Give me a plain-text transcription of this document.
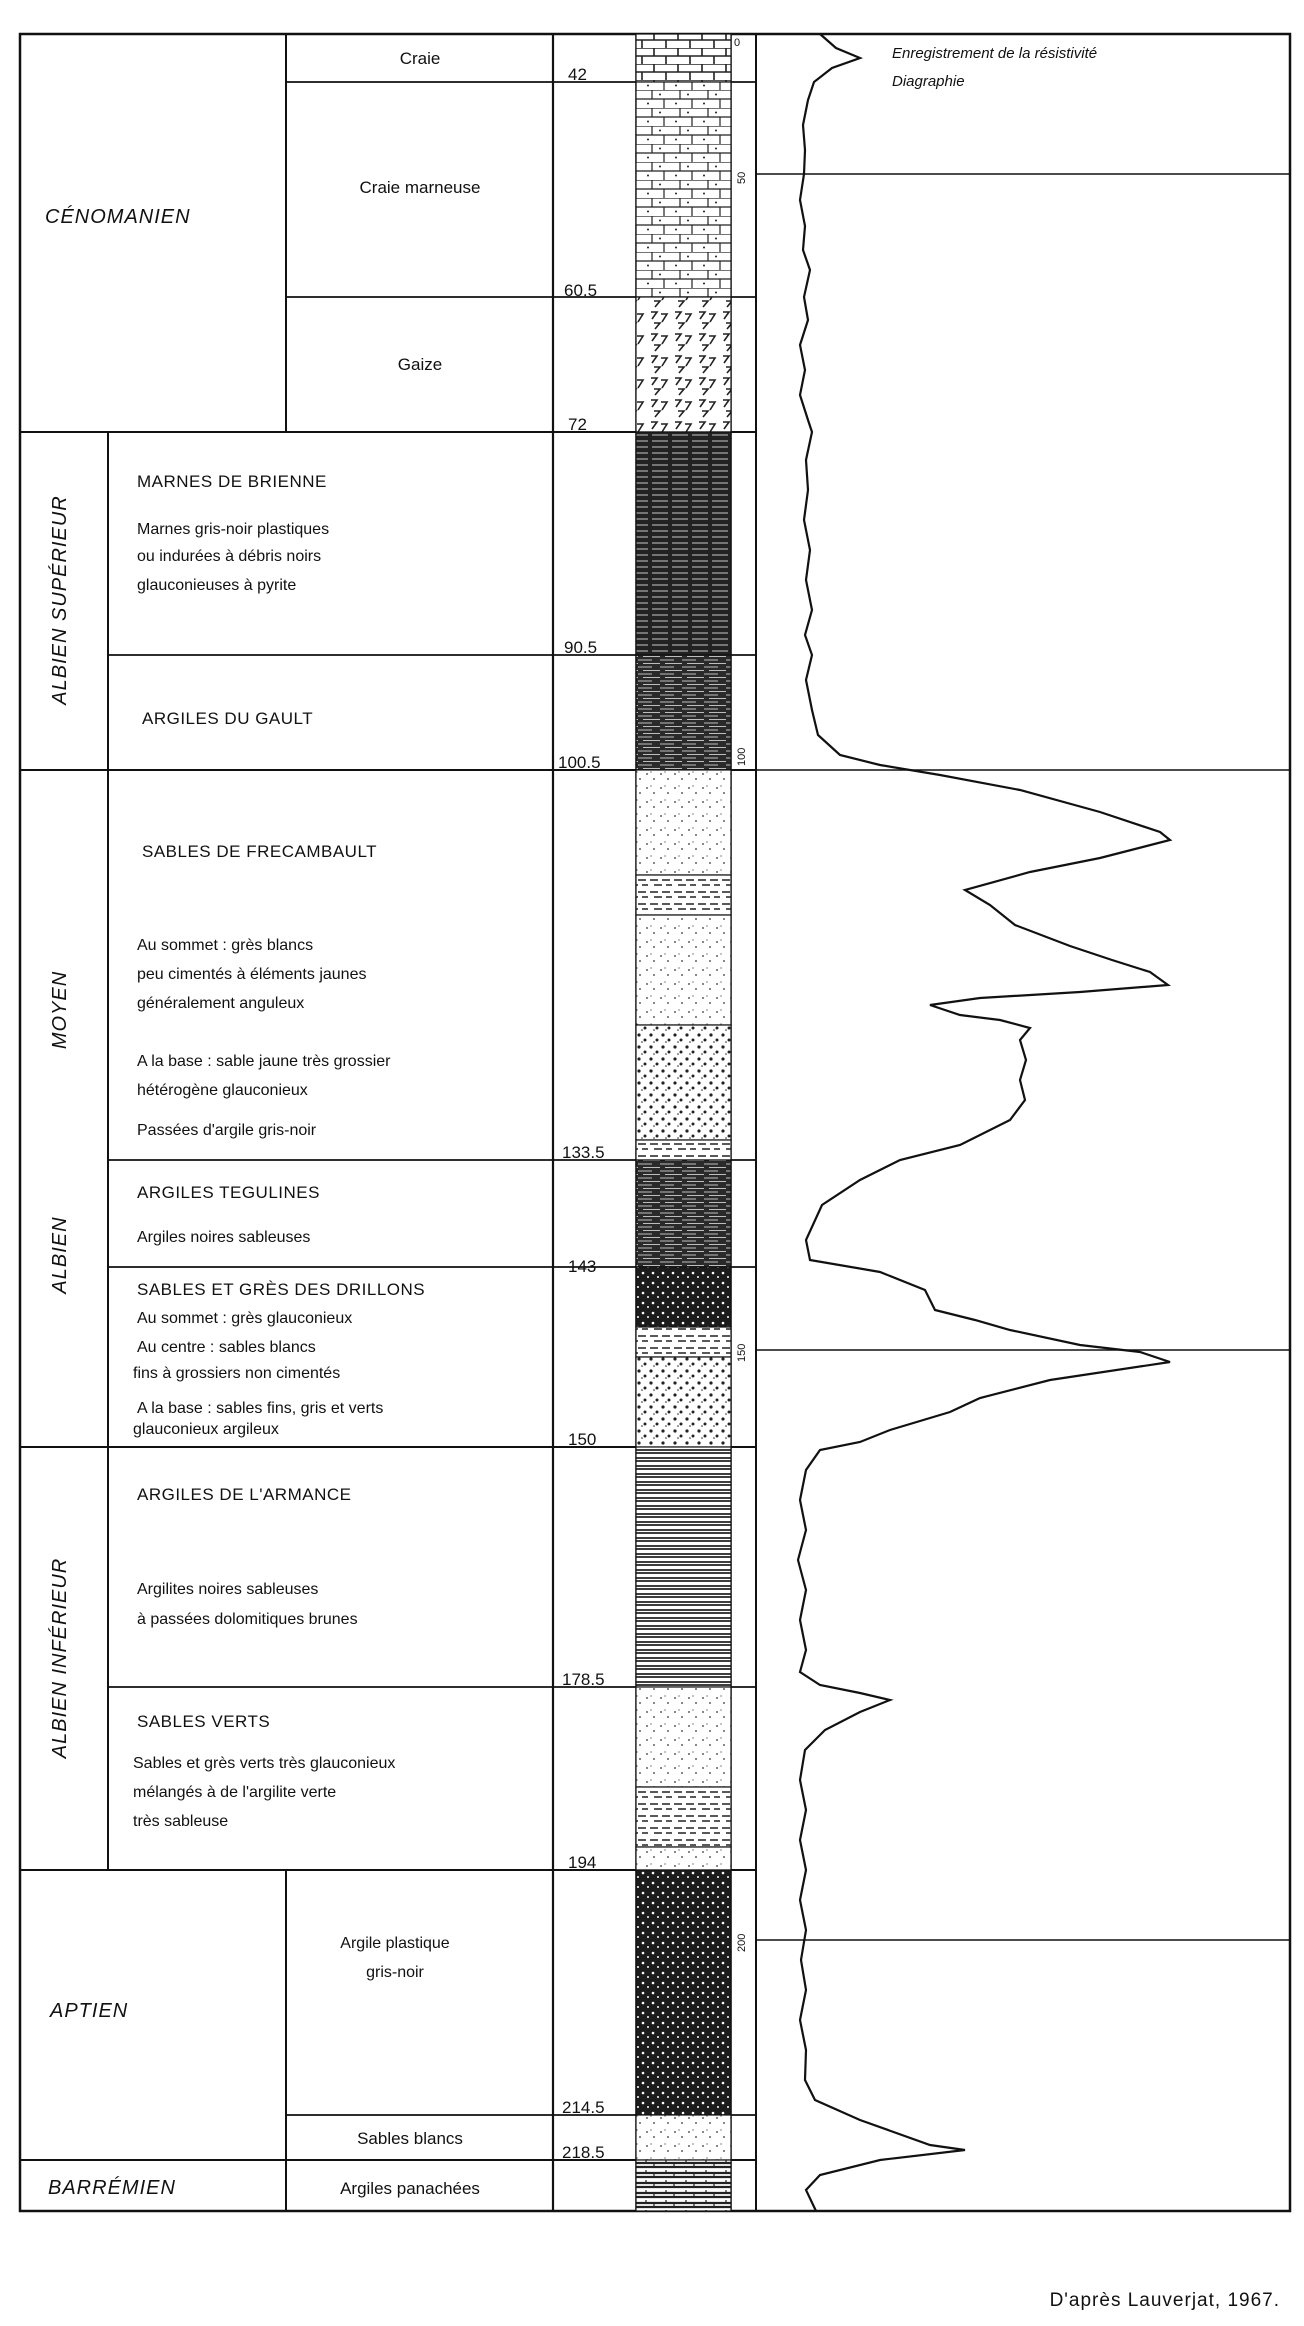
CÉNOMANIEN
ALBIEN SUPÉRIEUR
MOYEN
ALBIEN
ALBIEN INFÉRIEUR
APTIEN
BARRÉMIEN
Craie
Craie marneuse
Gaize
MARNES DE BRIENNE
Marnes gris-noir plastiques
ou indurées à débris noirs
glauconieuses à pyrite
ARGILES DU GAULT
SABLES DE FRECAMBAULT
Au sommet : grès blancs
peu cimentés à éléments jaunes
généralement anguleux
A la base : sable jaune très grossier
hétérogène glauconieux
Passées d'argile gris-noir
ARGILES TEGULINES
Argiles noires sableuses
SABLES ET GRÈS DES DRILLONS
Au sommet : grès glauconieux
Au centre : sables blancs
fins à grossiers non cimentés
A la base : sables fins, gris et verts
glauconieux argileux
ARGILES DE L'ARMANCE
Argilites noires sableuses
à passées dolomitiques brunes
SABLES VERTS
Sables et grès verts très glauconieux
mélangés à de l'argilite verte
très sableuse
Argile plastique
gris-noir
Sables blancs
Argiles panachées
42
60.5
72
90.5
100.5
133.5
143
150
178.5
194
214.5
218.5
0
50
100
150
200
Enregistrement de la résistivité
Diagraphie
D'après Lauverjat, 1967.
